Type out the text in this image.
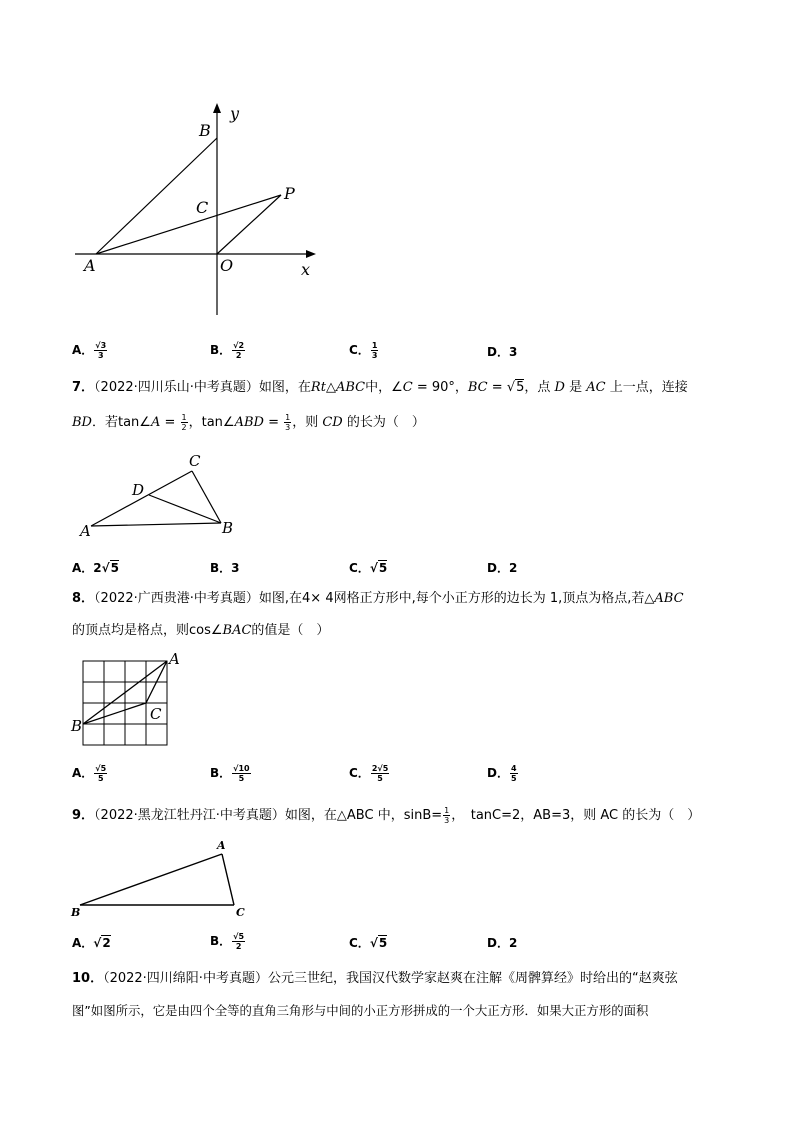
y
B
P
C
A	O	x
A． $\frac{√3}{3}$	B． $\frac{√2}{2}$	C． $\frac{1}{3}$	D．3
7．（2022·四川乐山·中考真题）如图，在Rt△ABC中，∠C = 90°，BC = √5，点 D 是 AC 上一点，连接
BD．若tan∠A = $\frac{1}{2}$ ，tan∠ABD = $\frac{1}{3}$ ，则 CD 的长为（　）
C
D
A	B
A．2√5	B．3	C．√5	D．2
8．（2022·广西贵港·中考真题）如图,在4× 4网格正方形中,每个小正方形的边长为 1,顶点为格点,若△ABC
的顶点均是格点，则cos∠BAC的值是（　）
A
B
C
A． $\frac{√5}{5}$	B． $\frac{√10}{5}$	C． $\frac{2√5}{5}$	D． $\frac{4}{5}$
9．（2022·黑龙江牡丹江·中考真题）如图，在△ABC 中，$\sin B= \frac{1}{3}$ ，　tanC=2，AB=3，则 AC 的长为（　）
A
B	C
A．√2	B． $\frac{√5}{2}$	C．√5	D．2
10．（2022·四川绵阳·中考真题）公元三世纪，我国汉代数学家赵爽在注解《周髀算经》时给出的“赵爽弦
图”如图所示，它是由四个全等的直角三角形与中间的小正方形拼成的一个大正方形．如果大正方形的面积
